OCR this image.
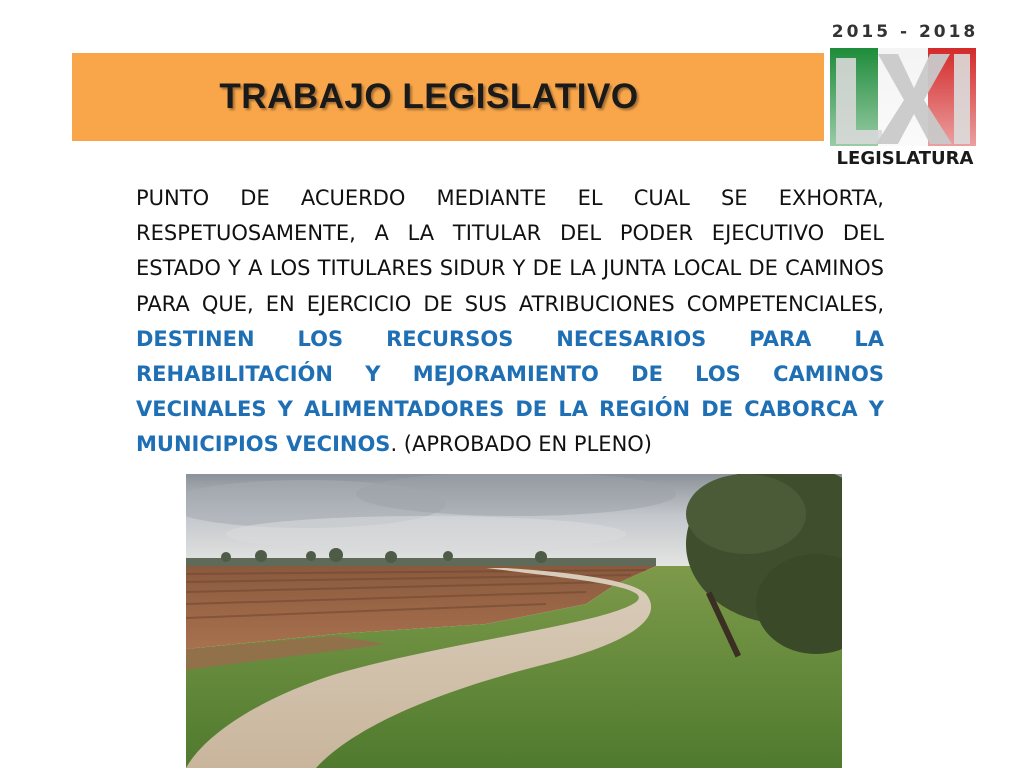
TRABAJO LEGISLATIVO
2015 - 2018
LEGISLATURA
PUNTO DE ACUERDO MEDIANTE EL CUAL SE EXHORTA, RESPETUOSAMENTE, A LA TITULAR DEL PODER EJECUTIVO DEL ESTADO Y A LOS TITULARES SIDUR Y DE LA JUNTA LOCAL DE CAMINOS PARA QUE, EN EJERCICIO DE SUS ATRIBUCIONES COMPETENCIALES, DESTINEN LOS RECURSOS NECESARIOS PARA LA REHABILITACIÓN Y MEJORAMIENTO DE LOS CAMINOS VECINALES Y ALIMENTADORES DE LA REGIÓN DE CABORCA Y MUNICIPIOS VECINOS. (APROBADO EN PLENO)
